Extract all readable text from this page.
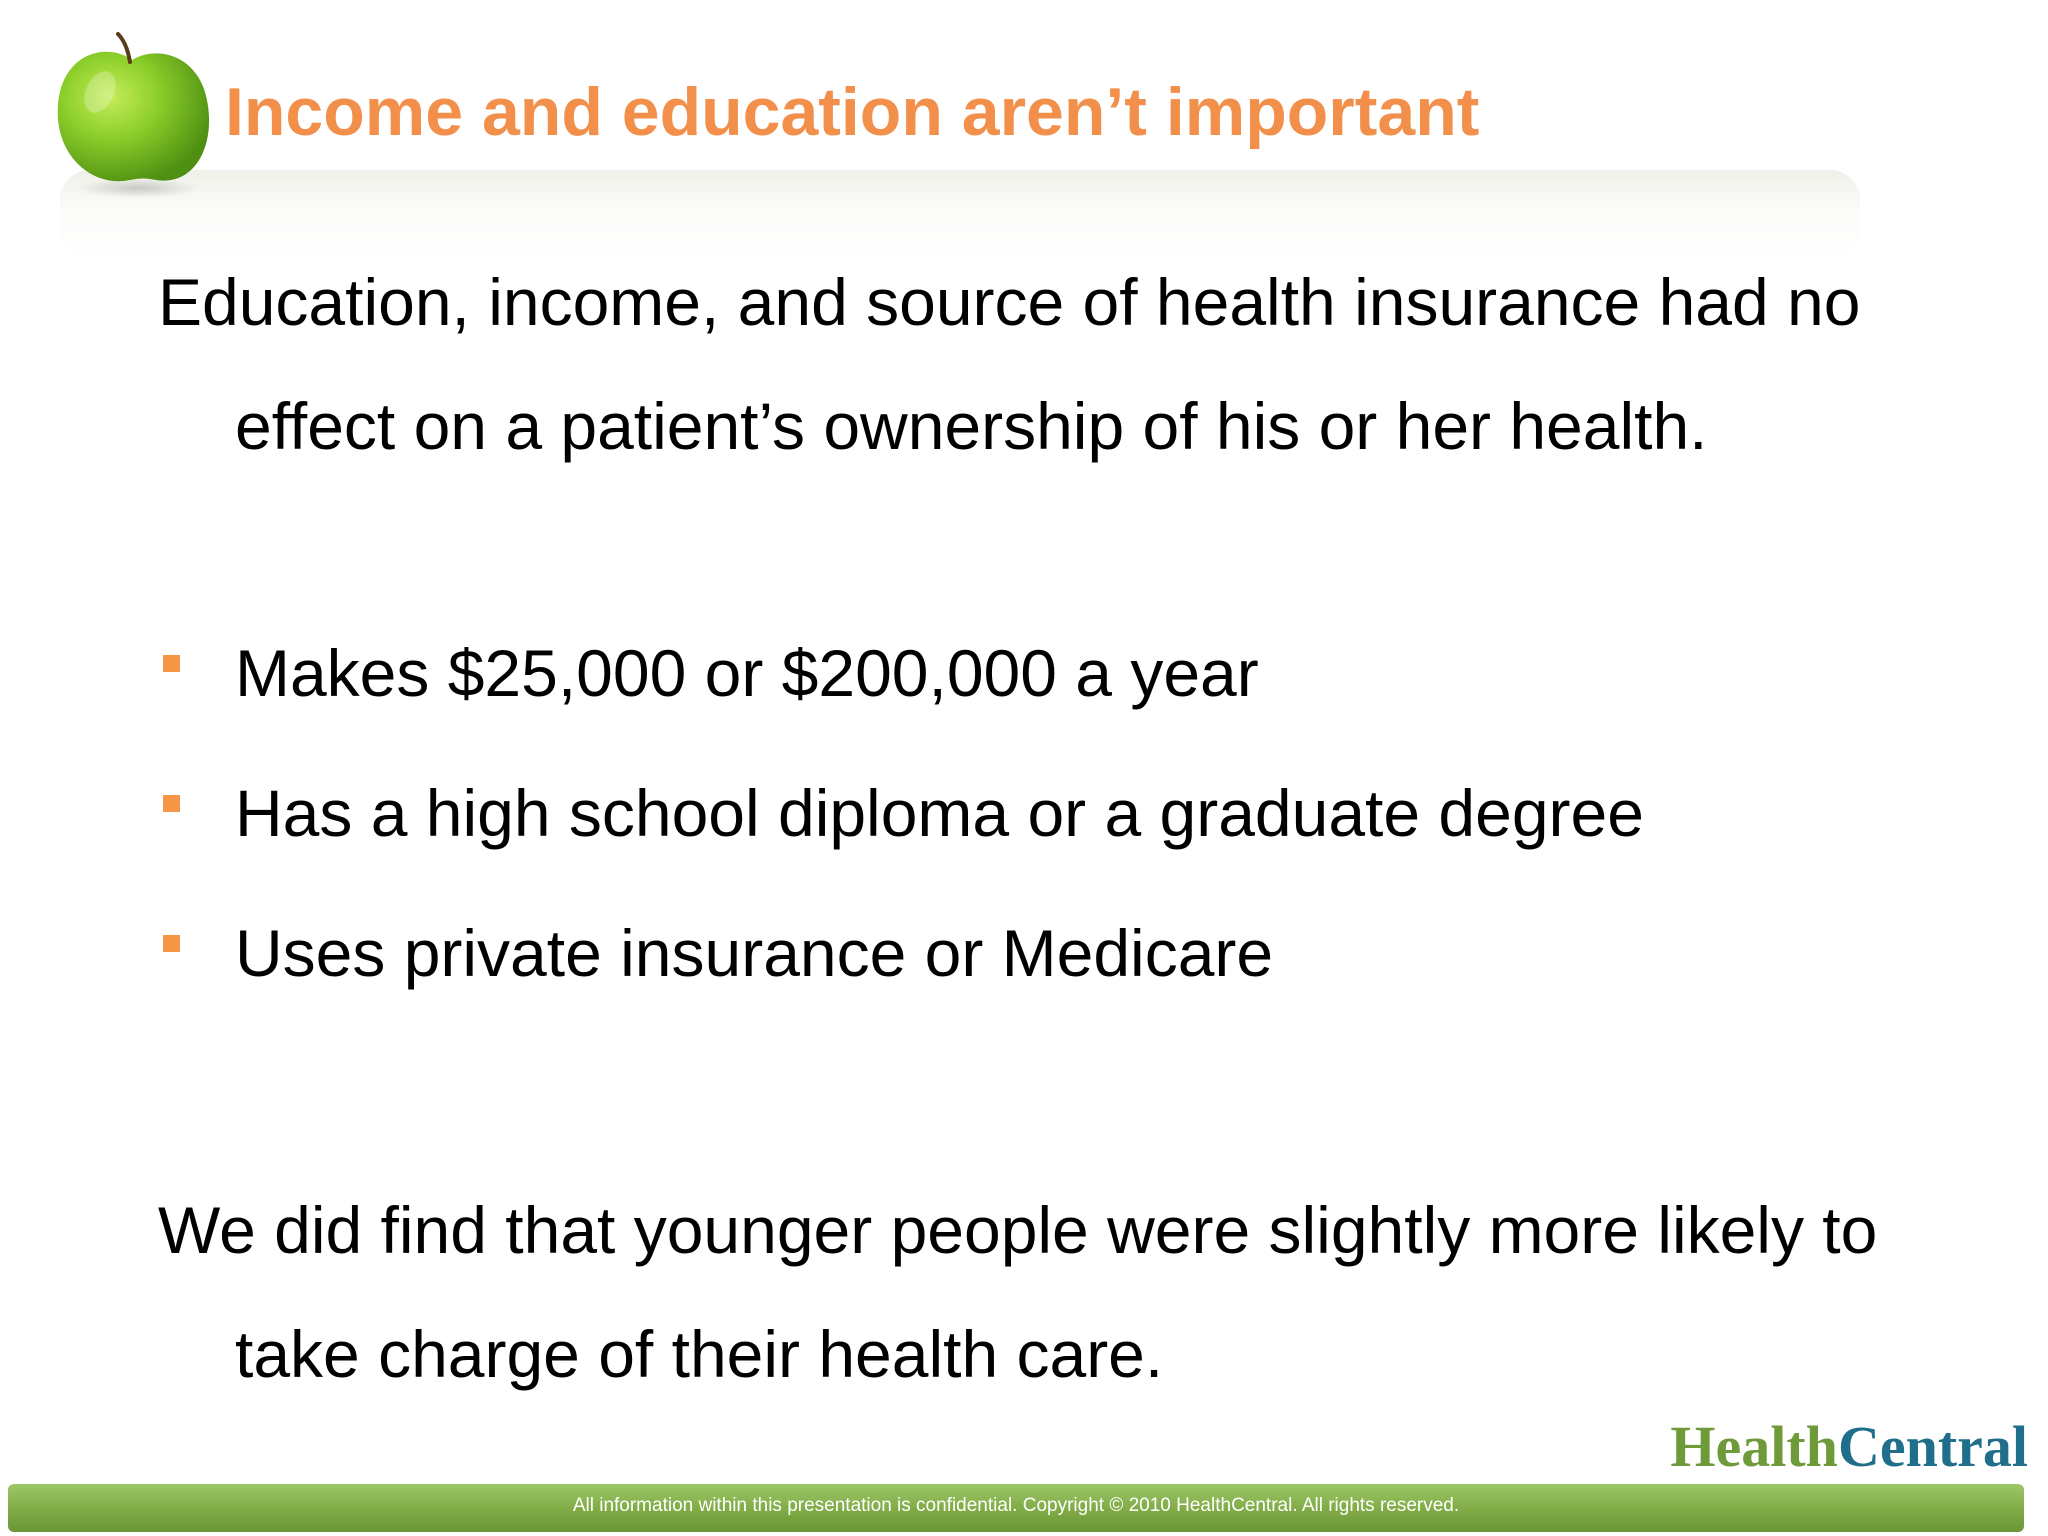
Income and education aren’t important

Education, income, and source of health insurance had no effect on a patient’s ownership of his or her health.

Makes $25,000 or $200,000 a year
Has a high school diploma or a graduate degree
Uses private insurance or Medicare

We did find that younger people were slightly more likely to take charge of their health care.

HealthCentral
All information within this presentation is confidential. Copyright © 2010 HealthCentral. All rights reserved.
